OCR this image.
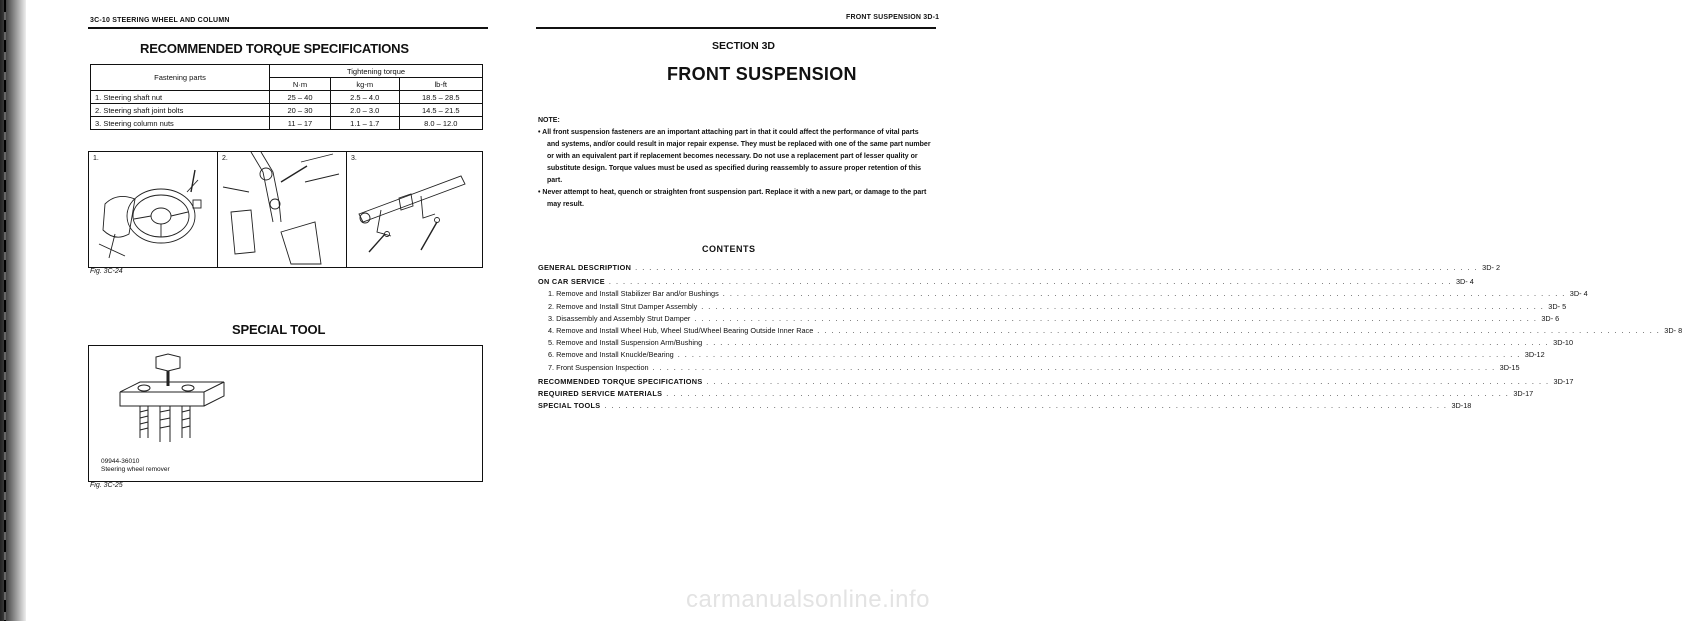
3C-10 STEERING WHEEL AND COLUMN
RECOMMENDED TORQUE SPECIFICATIONS
Fastening parts	Tightening torque		
	N·m	kg-m	lb-ft
1. Steering shaft nut	25 – 40	2.5 – 4.0	18.5 – 28.5
2. Steering shaft joint bolts	20 – 30	2.0 – 3.0	14.5 – 21.5
3. Steering column nuts	11 – 17	1.1 – 1.7	8.0 – 12.0
1.	2.	3.
Fig. 3C-24
SPECIAL TOOL
09944-36010
Steering wheel remover
Fig. 3C-25
FRONT SUSPENSION 3D-1
SECTION 3D
FRONT SUSPENSION

NOTE:

• All front suspension fasteners are an important attaching part in that it could affect the performance of vital parts and systems, and/or could result in major repair expense. They must be replaced with one of the same part number or with an equivalent part if replacement becomes necessary. Do not use a replacement part of lesser quality or substitute design. Torque values must be used as specified during reassembly to assure proper retention of this part.

• Never attempt to heat, quench or straighten front suspension part. Replace it with a new part, or damage to the part may result.

CONTENTS
GENERAL DESCRIPTION . . . . . . . . . . . . . . . . . . . . . . . . . . . . . . . . . . . . . . . . . . . . . . . . . . . . . . . . . . . . . . . . . . . . . . . . . . . . . . . . . . . . . . . . . . . . . . . . . . . . . . . . . . . . . . . . . . . . . . . . 3D- 2
ON CAR SERVICE . . . . . . . . . . . . . . . . . . . . . . . . . . . . . . . . . . . . . . . . . . . . . . . . . . . . . . . . . . . . . . . . . . . . . . . . . . . . . . . . . . . . . . . . . . . . . . . . . . . . . . . . . . . . . . . . . . . . . . . . 3D- 4
1. Remove and Install Stabilizer Bar and/or Bushings . . . . . . . . . . . . . . . . . . . . . . . . . . . . . . . . . . . . . . . . . . . . . . . . . . . . . . . . . . . . . . . . . . . . . . . . . . . . . . . . . . . . . . . . . . . . . . . . . . . . . . . . . . . . . . . . . . . . . . . . 3D- 4
2. Remove and Install Strut Damper Assembly . . . . . . . . . . . . . . . . . . . . . . . . . . . . . . . . . . . . . . . . . . . . . . . . . . . . . . . . . . . . . . . . . . . . . . . . . . . . . . . . . . . . . . . . . . . . . . . . . . . . . . . . . . . . . . . . . . . . . . . . 3D- 5
3. Disassembly and Assembly Strut Damper . . . . . . . . . . . . . . . . . . . . . . . . . . . . . . . . . . . . . . . . . . . . . . . . . . . . . . . . . . . . . . . . . . . . . . . . . . . . . . . . . . . . . . . . . . . . . . . . . . . . . . . . . . . . . . . . . . . . . . . . 3D- 6
4. Remove and Install Wheel Hub, Wheel Stud/Wheel Bearing Outside Inner Race . . . . . . . . . . . . . . . . . . . . . . . . . . . . . . . . . . . . . . . . . . . . . . . . . . . . . . . . . . . . . . . . . . . . . . . . . . . . . . . . . . . . . . . . . . . . . . . . . . . . . . . . . . . . . . . . . . . . . . . . 3D- 8
5. Remove and Install Suspension Arm/Bushing . . . . . . . . . . . . . . . . . . . . . . . . . . . . . . . . . . . . . . . . . . . . . . . . . . . . . . . . . . . . . . . . . . . . . . . . . . . . . . . . . . . . . . . . . . . . . . . . . . . . . . . . . . . . . . . . . . . . . . . . 3D-10
6. Remove and Install Knuckle/Bearing . . . . . . . . . . . . . . . . . . . . . . . . . . . . . . . . . . . . . . . . . . . . . . . . . . . . . . . . . . . . . . . . . . . . . . . . . . . . . . . . . . . . . . . . . . . . . . . . . . . . . . . . . . . . . . . . . . . . . . . . 3D-12
7. Front Suspension Inspection . . . . . . . . . . . . . . . . . . . . . . . . . . . . . . . . . . . . . . . . . . . . . . . . . . . . . . . . . . . . . . . . . . . . . . . . . . . . . . . . . . . . . . . . . . . . . . . . . . . . . . . . . . . . . . . . . . . . . . . . 3D-15
RECOMMENDED TORQUE SPECIFICATIONS . . . . . . . . . . . . . . . . . . . . . . . . . . . . . . . . . . . . . . . . . . . . . . . . . . . . . . . . . . . . . . . . . . . . . . . . . . . . . . . . . . . . . . . . . . . . . . . . . . . . . . . . . . . . . . . . . . . . . . . . 3D-17
REQUIRED SERVICE MATERIALS . . . . . . . . . . . . . . . . . . . . . . . . . . . . . . . . . . . . . . . . . . . . . . . . . . . . . . . . . . . . . . . . . . . . . . . . . . . . . . . . . . . . . . . . . . . . . . . . . . . . . . . . . . . . . . . . . . . . . . . . 3D-17
SPECIAL TOOLS . . . . . . . . . . . . . . . . . . . . . . . . . . . . . . . . . . . . . . . . . . . . . . . . . . . . . . . . . . . . . . . . . . . . . . . . . . . . . . . . . . . . . . . . . . . . . . . . . . . . . . . . . . . . . . . . . . . . . . . . 3D-18
carmanualsonline.info
